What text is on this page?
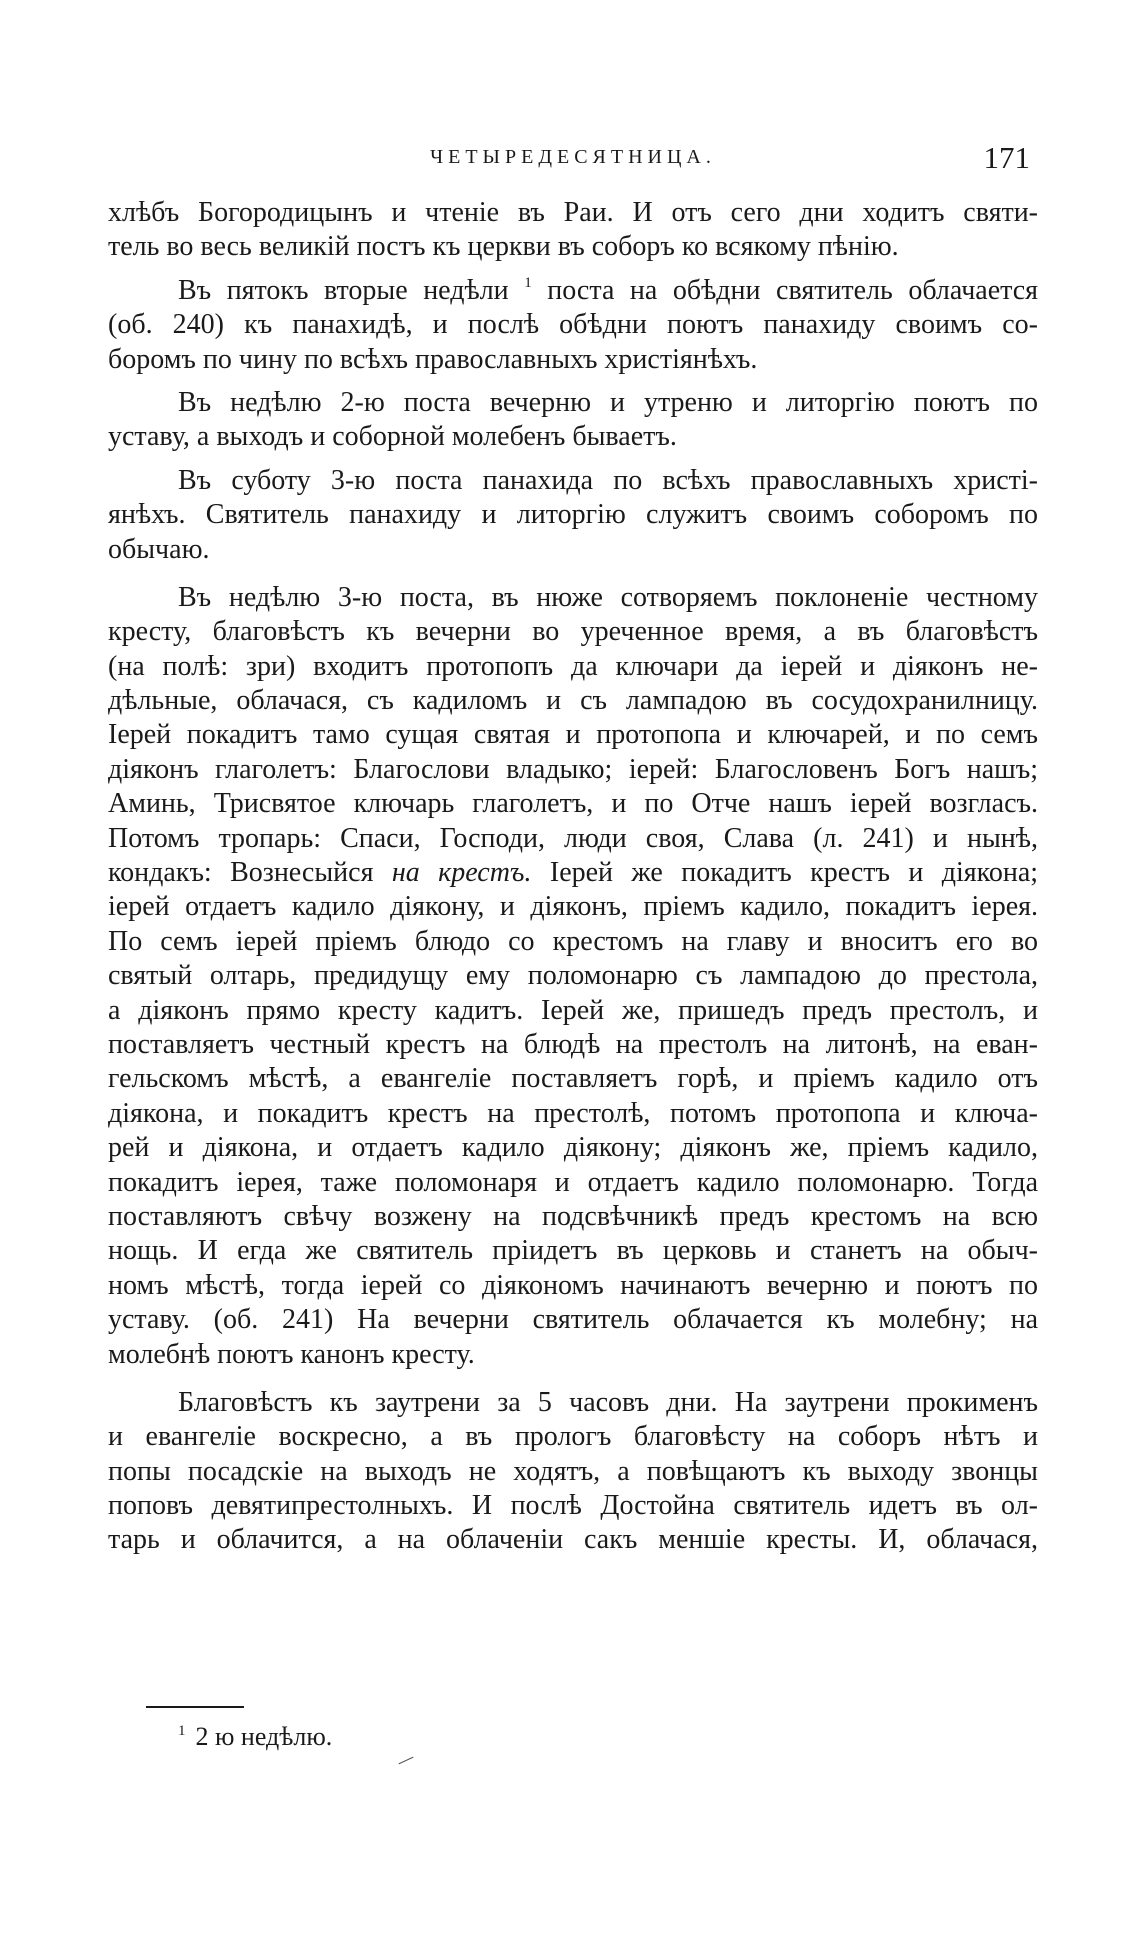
ЧЕТЫРЕДЕСЯТНИЦА.	171
хлѣбъ Богородицынъ и чтеніе въ Раи. И отъ сего дни ходитъ святи-
тель во весь великій постъ къ церкви въ соборъ ко всякому пѣнію.
Въ пятокъ вторые недѣли $^1$ поста на обѣдни святитель облачается
(об. 240) къ панахидѣ, и послѣ обѣдни поютъ панахиду своимъ со-
боромъ по чину по всѣхъ православныхъ христіянѣхъ.
Въ недѣлю 2-ю поста вечерню и утреню и литоргію поютъ по
уставу, а выходъ и соборной молебенъ бываетъ.
Въ суботу 3-ю поста панахида по всѣхъ православныхъ христі-
янѣхъ. Святитель панахиду и литоргію служитъ своимъ соборомъ по
обычаю.
Въ недѣлю 3-ю поста, въ нюже сотворяемъ поклоненіе честному
кресту, благовѣстъ къ вечерни во уреченное время, а въ благовѣстъ
(на полѣ: зри) входитъ протопопъ да ключари да іерей и діяконъ не-
дѣльные, облачася, съ кадиломъ и съ лампадою въ сосудохранилницу.
Іерей покадитъ тамо сущая святая и протопопа и ключарей, и по семъ
діяконъ глаголетъ: Благослови владыко; іерей: Благословенъ Богъ нашъ;
Аминь, Трисвятое ключарь глаголетъ, и по Отче нашъ іерей возгласъ.
Потомъ тропарь: Спаси, Господи, люди своя, Слава (л. 241) и нынѣ,
кондакъ: Вознесыйся на крестъ. Іерей же покадитъ крестъ и діякона;
іерей отдаетъ кадило діякону, и діяконъ, пріемъ кадило, покадитъ іерея.
По семъ іерей пріемъ блюдо со крестомъ на главу и вноситъ его во
святый олтарь, предидущу ему поломонарю съ лампадою до престола,
а діяконъ прямо кресту кадитъ. Іерей же, пришедъ предъ престолъ, и
поставляетъ честный крестъ на блюдѣ на престолъ на литонѣ, на еван-
гельскомъ мѣстѣ, а евангеліе поставляетъ горѣ, и пріемъ кадило отъ
діякона, и покадитъ крестъ на престолѣ, потомъ протопопа и ключа-
рей и діякона, и отдаетъ кадило діякону; діяконъ же, пріемъ кадило,
покадитъ іерея, таже поломонаря и отдаетъ кадило поломонарю. Тогда
поставляютъ свѣчу возжену на подсвѣчникѣ предъ крестомъ на всю
нощь. И егда же святитель пріидетъ въ церковь и станетъ на обыч-
номъ мѣстѣ, тогда іерей со діякономъ начинаютъ вечерню и поютъ по
уставу. (об. 241) На вечерни святитель облачается къ молебну; на
молебнѣ поютъ канонъ кресту.
Благовѣстъ къ заутрени за 5 часовъ дни. На заутрени прокименъ
и евангеліе воскресно, а въ прологъ благовѣсту на соборъ нѣтъ и
попы посадскіе на выходъ не ходятъ, а повѣщаютъ къ выходу звонцы
поповъ девятипрестолныхъ. И послѣ Достойна святитель идетъ въ ол-
тарь и облачится, а на облаченіи сакъ меншіе кресты. И, облачася,
$^1$ 2 ю недѣлю.
